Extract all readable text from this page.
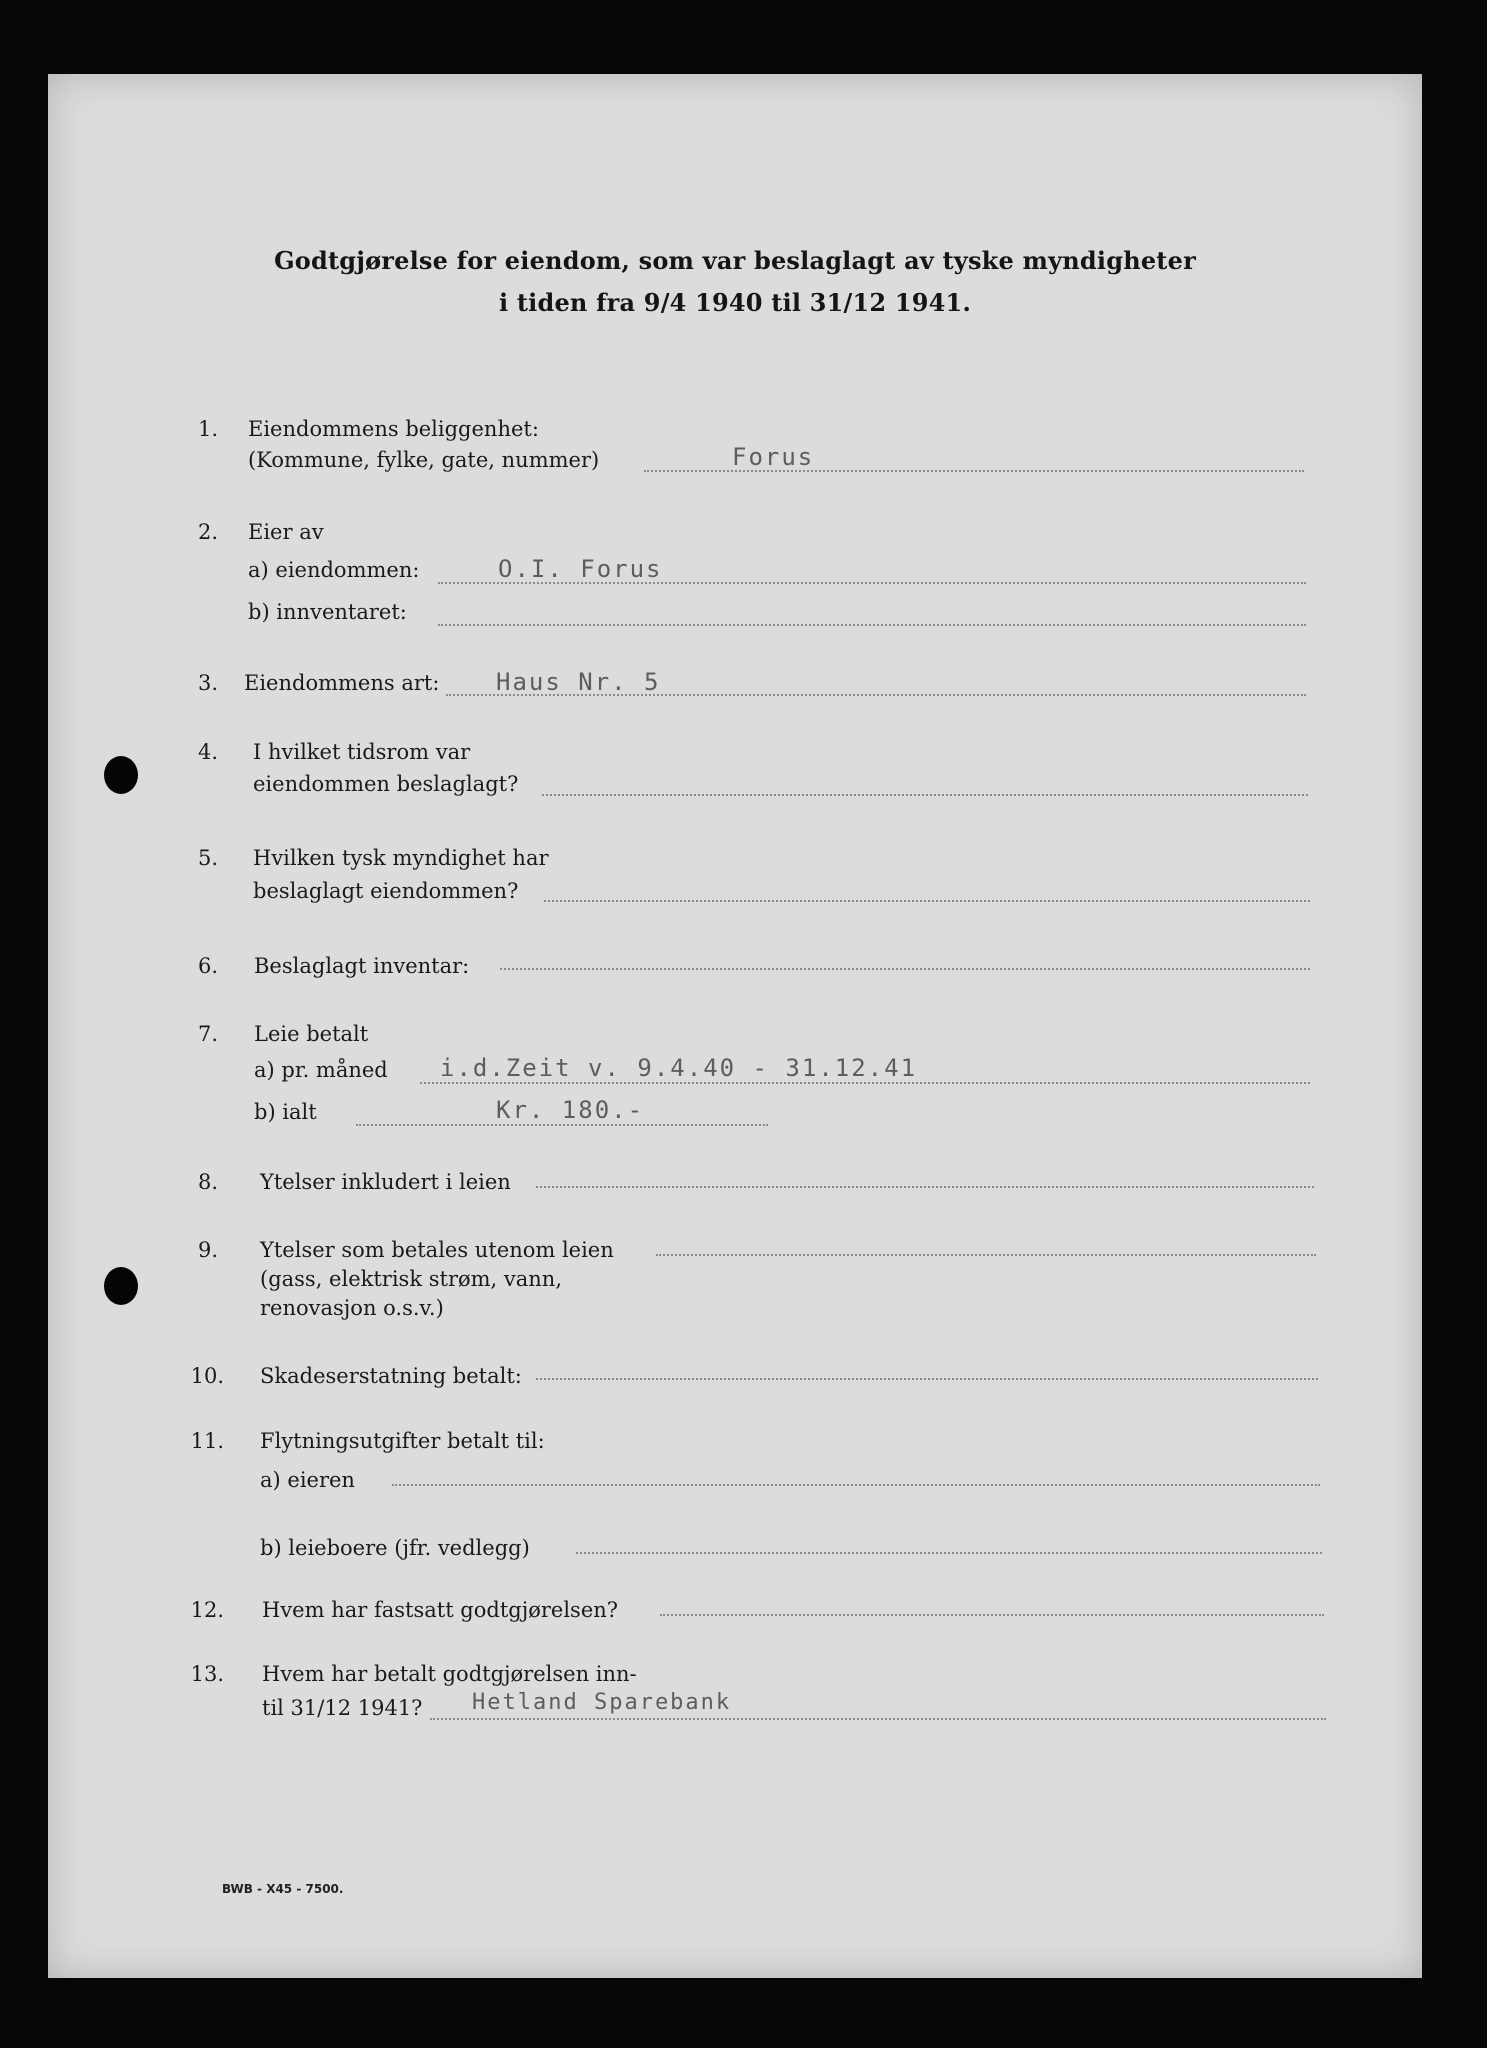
Godtgjørelse for eiendom, som var beslaglagt av tyske myndigheter
i tiden fra 9/4 1940 til 31/12 1941.
1. Eiendommens beliggenhet:
(Kommune, fylke, gate, nummer)	Forus
2. Eier av
a) eiendommen:	O.I. Forus
b) innventaret:
3. Eiendommens art: Haus Nr. 5
4. I hvilket tidsrom var
eiendommen beslaglagt?
5. Hvilken tysk myndighet har
beslaglagt eiendommen?
6. Beslaglagt inventar:
7. Leie betalt
a) pr. måned i.d.Zeit v. 9.4.40 - 31.12.41
b) ialt	Kr. 180.-
8. Ytelser inkludert i leien
9. Ytelser som betales utenom leien
(gass, elektrisk strøm, vann,
renovasjon o.s.v.)
10. Skadeserstatning betalt:
11. Flytningsutgifter betalt til:
a) eieren
b) leieboere (jfr. vedlegg)
12. Hvem har fastsatt godtgjørelsen?
13. Hvem har betalt godtgjørelsen inn-
til 31/12 1941? Hetland Sparebank
BWB - X45 - 7500.
